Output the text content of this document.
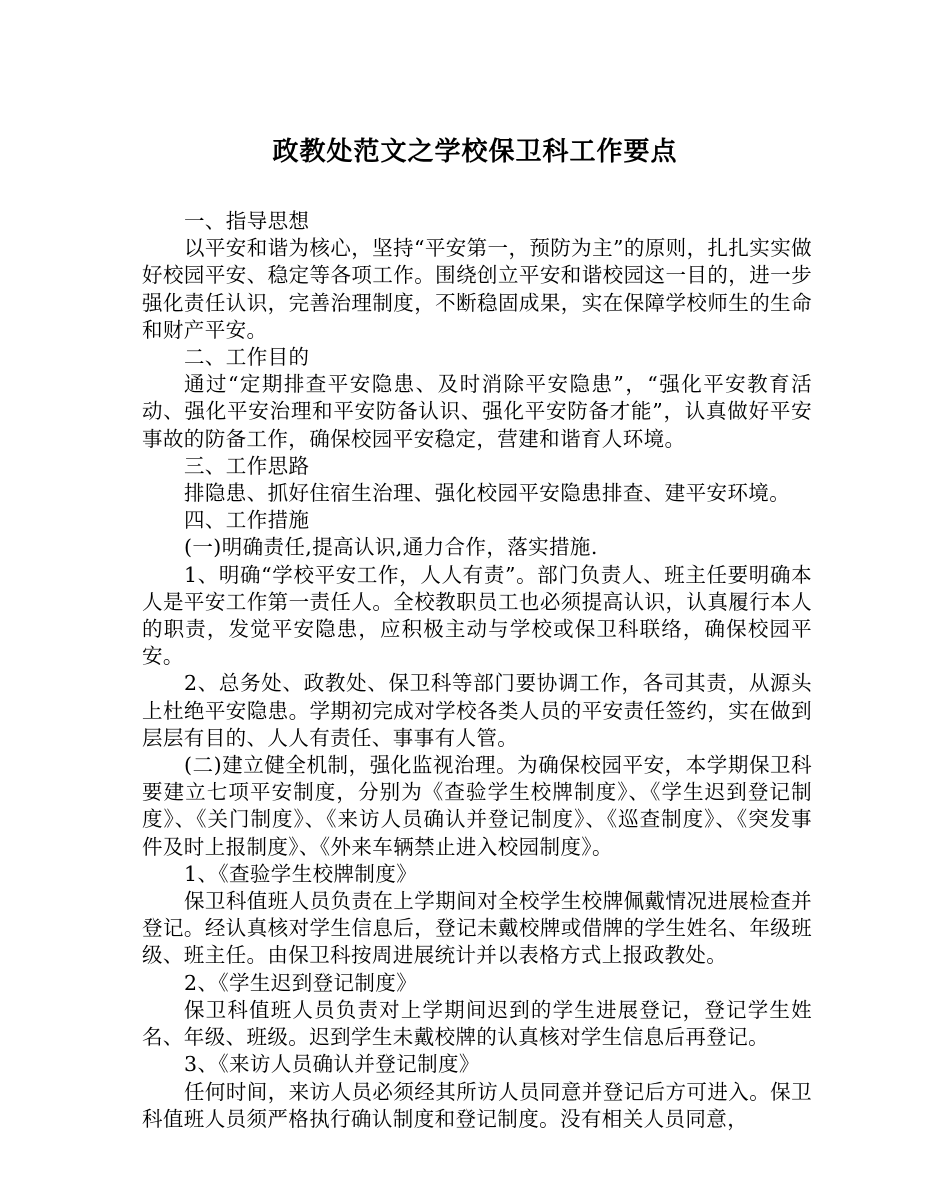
政教处范文之学校保卫科工作要点

一、指导思想

以平安和谐为核心，坚持“平安第一，预防为主”的原则，扎扎实实做好校园平安、稳定等各项工作。围绕创立平安和谐校园这一目的，进一步强化责任认识，完善治理制度，不断稳固成果，实在保障学校师生的生命和财产平安。

二、工作目的

通过“定期排查平安隐患、及时消除平安隐患”，“强化平安教育活动、强化平安治理和平安防备认识、强化平安防备才能”，认真做好平安事故的防备工作，确保校园平安稳定，营建和谐育人环境。

三、工作思路

排隐患、抓好住宿生治理、强化校园平安隐患排查、建平安环境。

四、工作措施

(一)明确责任,提高认识,通力合作，落实措施.

1、明确“学校平安工作，人人有责”。部门负责人、班主任要明确本人是平安工作第一责任人。全校教职员工也必须提高认识，认真履行本人的职责，发觉平安隐患，应积极主动与学校或保卫科联络，确保校园平安。

2、总务处、政教处、保卫科等部门要协调工作，各司其责，从源头上杜绝平安隐患。学期初完成对学校各类人员的平安责任签约，实在做到层层有目的、人人有责任、事事有人管。

(二)建立健全机制，强化监视治理。为确保校园平安，本学期保卫科要建立七项平安制度，分别为《查验学生校牌制度》、《学生迟到登记制度》、《关门制度》、《来访人员确认并登记制度》、《巡查制度》、《突发事件及时上报制度》、《外来车辆禁止进入校园制度》。

1、《查验学生校牌制度》

保卫科值班人员负责在上学期间对全校学生校牌佩戴情况进展检查并登记。经认真核对学生信息后，登记未戴校牌或借牌的学生姓名、年级班级、班主任。由保卫科按周进展统计并以表格方式上报政教处。

2、《学生迟到登记制度》

保卫科值班人员负责对上学期间迟到的学生进展登记，登记学生姓名、年级、班级。迟到学生未戴校牌的认真核对学生信息后再登记。

3、《来访人员确认并登记制度》

任何时间，来访人员必须经其所访人员同意并登记后方可进入。保卫科值班人员须严格执行确认制度和登记制度。没有相关人员同意，
